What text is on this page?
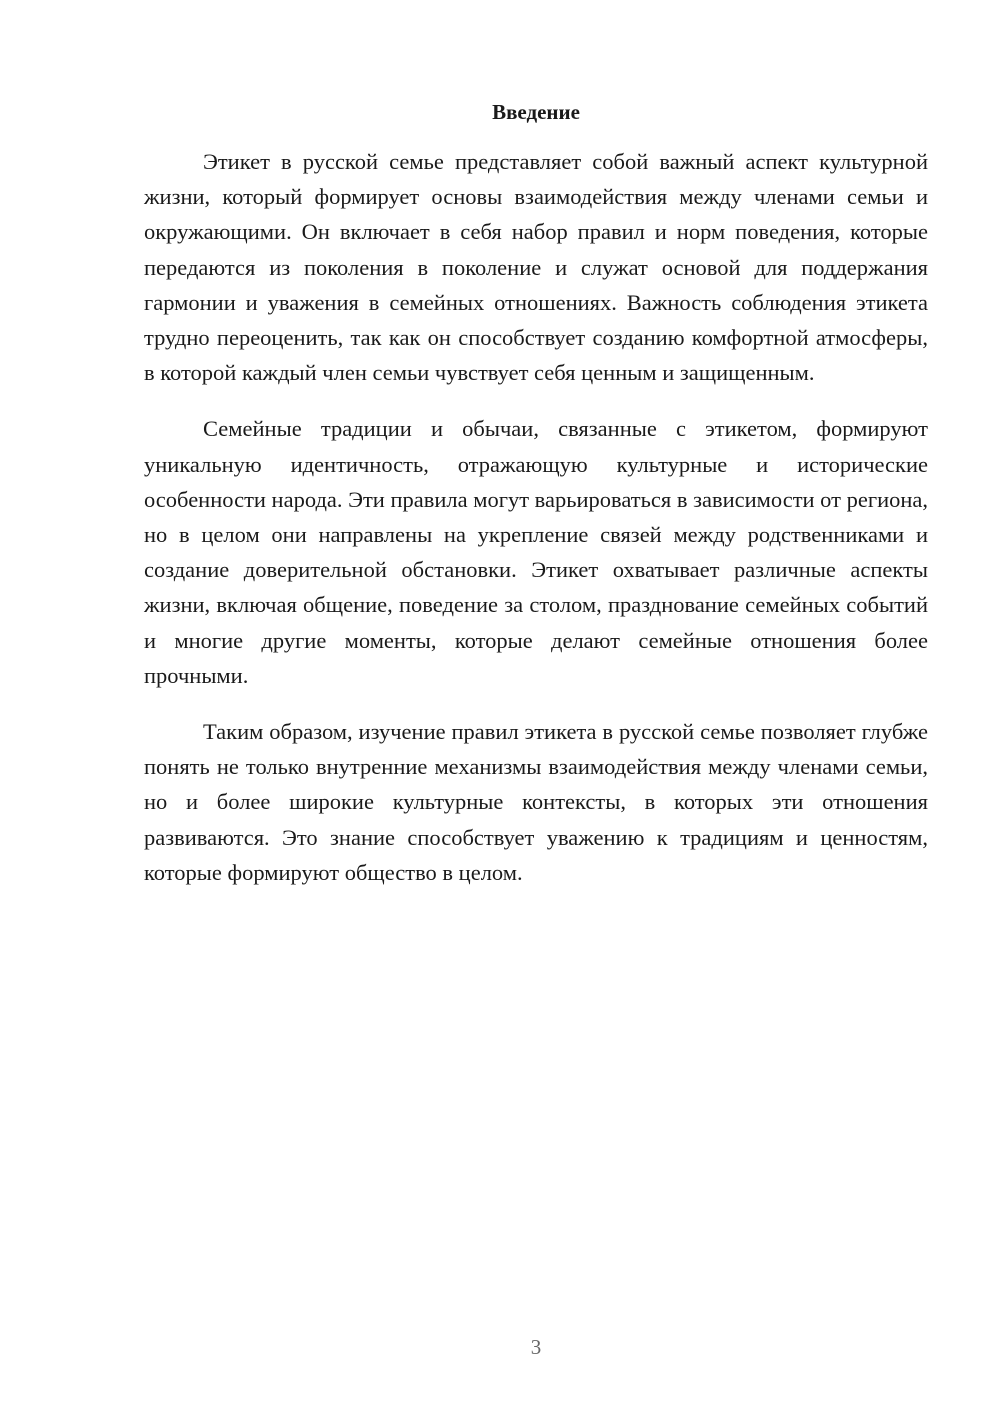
Введение

Этикет в русской семье представляет собой важный аспект культурной жизни, который формирует основы взаимодействия между членами семьи и окружающими. Он включает в себя набор правил и норм поведения, которые передаются из поколения в поколение и служат основой для поддержания гармонии и уважения в семейных отношениях. Важность соблюдения этикета трудно переоценить, так как он способствует созданию комфортной атмосферы, в которой каждый член семьи чувствует себя ценным и защищенным.

Семейные традиции и обычаи, связанные с этикетом, формируют уникальную идентичность, отражающую культурные и исторические особенности народа. Эти правила могут варьироваться в зависимости от региона, но в целом они направлены на укрепление связей между родственниками и создание доверительной обстановки. Этикет охватывает различные аспекты жизни, включая общение, поведение за столом, празднование семейных событий и многие другие моменты, которые делают семейные отношения более прочными.

Таким образом, изучение правил этикета в русской семье позволяет глубже понять не только внутренние механизмы взаимодействия между членами семьи, но и более широкие культурные контексты, в которых эти отношения развиваются. Это знание способствует уважению к традициям и ценностям, которые формируют общество в целом.

3
